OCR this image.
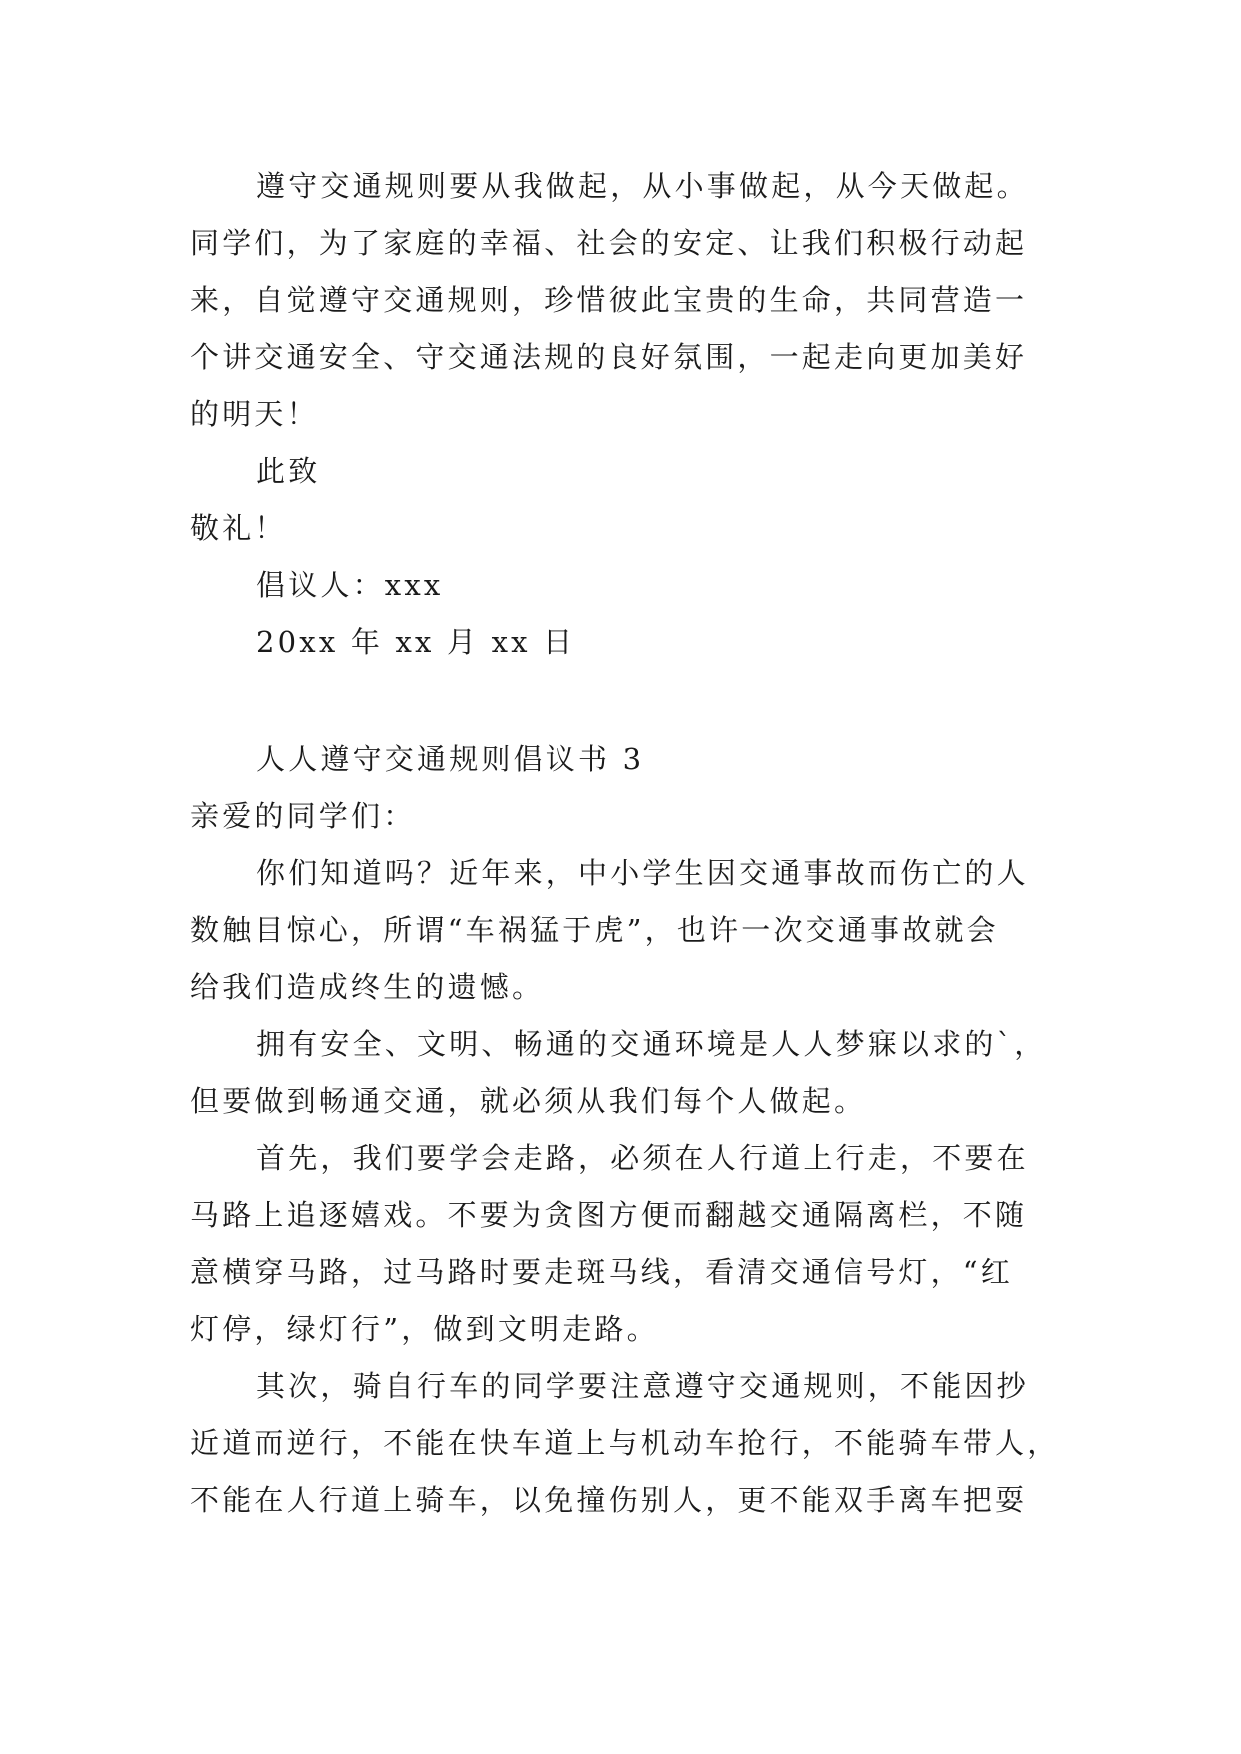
遵守交通规则要从我做起，从小事做起，从今天做起。
同学们，为了家庭的幸福、社会的安定、让我们积极行动起
来，自觉遵守交通规则，珍惜彼此宝贵的生命，共同营造一
个讲交通安全、守交通法规的良好氛围，一起走向更加美好
的明天！
此致
敬礼！
倡议人：xxx
20xx 年 xx 月 xx 日
人人遵守交通规则倡议书 3
亲爱的同学们：
你们知道吗？近年来，中小学生因交通事故而伤亡的人
数触目惊心，所谓“车祸猛于虎”，也许一次交通事故就会
给我们造成终生的遗憾。
拥有安全、文明、畅通的交通环境是人人梦寐以求的`，
但要做到畅通交通，就必须从我们每个人做起。
首先，我们要学会走路，必须在人行道上行走，不要在
马路上追逐嬉戏。不要为贪图方便而翻越交通隔离栏，不随
意横穿马路，过马路时要走斑马线，看清交通信号灯，“红
灯停，绿灯行”，做到文明走路。
其次，骑自行车的同学要注意遵守交通规则，不能因抄
近道而逆行，不能在快车道上与机动车抢行，不能骑车带人，
不能在人行道上骑车，以免撞伤别人，更不能双手离车把耍
